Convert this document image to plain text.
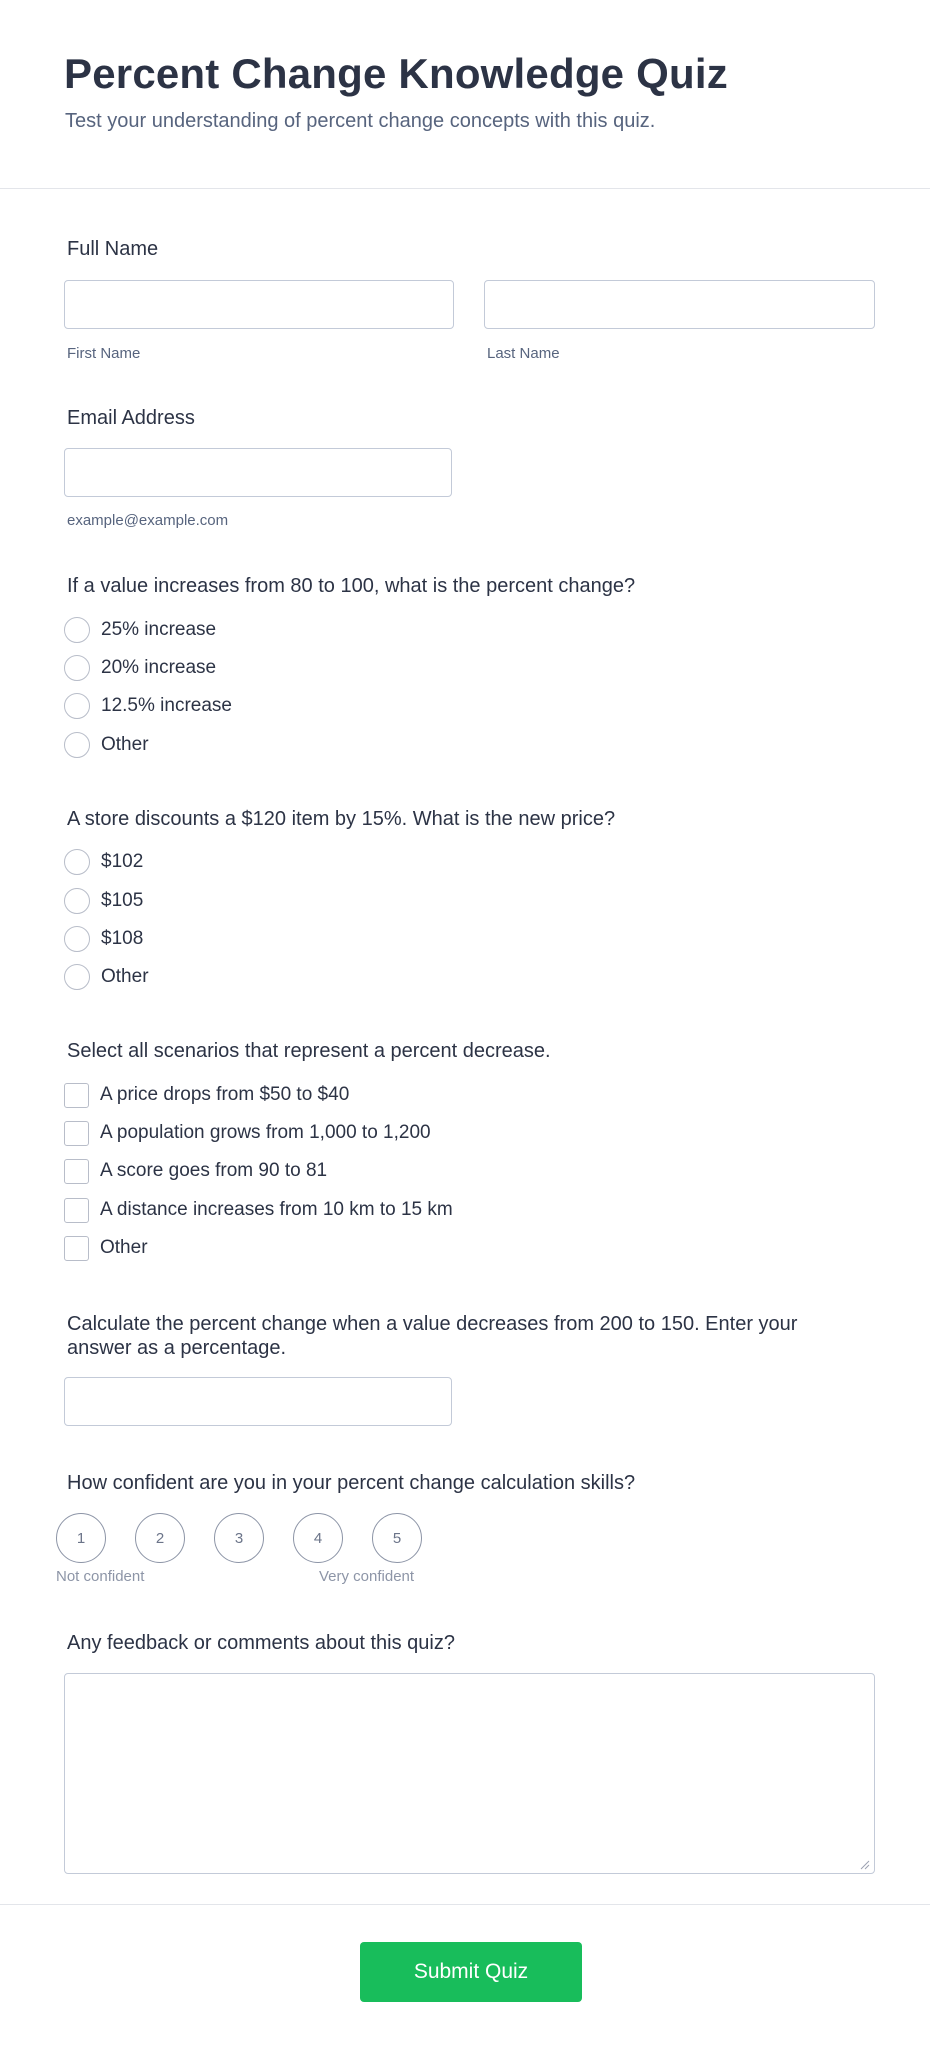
Percent Change Knowledge Quiz
Test your understanding of percent change concepts with this quiz.
Full Name
First Name	Last Name
Email Address
example@example.com
If a value increases from 80 to 100, what is the percent change?
25% increase
20% increase
12.5% increase
Other
A store discounts a $120 item by 15%. What is the new price?
$102
$105
$108
Other
Select all scenarios that represent a percent decrease.
A price drops from $50 to $40
A population grows from 1,000 to 1,200
A score goes from 90 to 81
A distance increases from 10 km to 15 km
Other
Calculate the percent change when a value decreases from 200 to 150. Enter your answer as a percentage.
How confident are you in your percent change calculation skills?
1	2	3	4	5
Not confident	Very confident
Any feedback or comments about this quiz?
Submit Quiz
